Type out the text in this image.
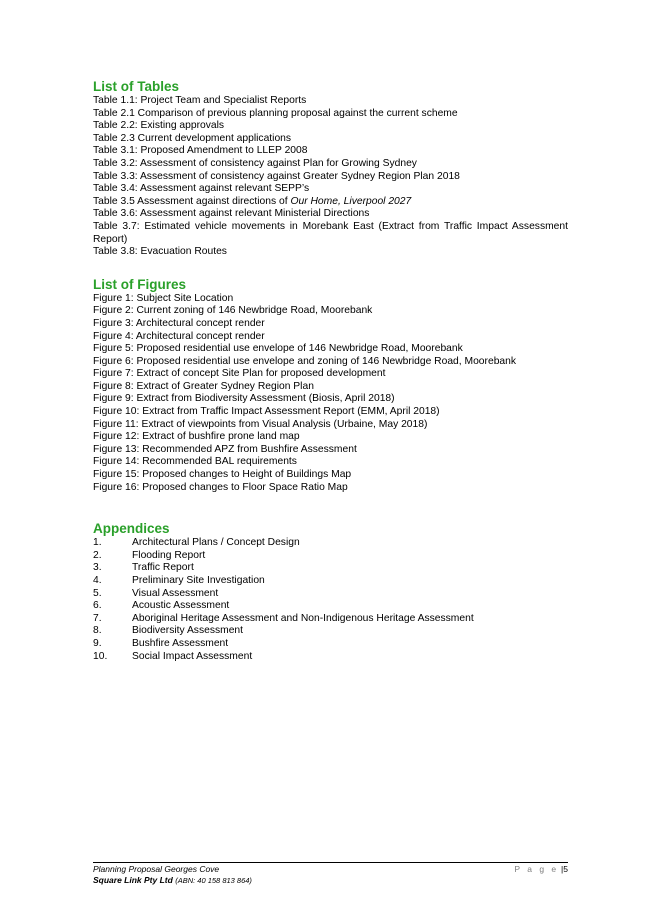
List of Tables
Table 1.1: Project Team and Specialist Reports
Table 2.1 Comparison of previous planning proposal against the current scheme
Table 2.2: Existing approvals
Table 2.3 Current development applications
Table 3.1: Proposed Amendment to LLEP 2008
Table 3.2: Assessment of consistency against Plan for Growing Sydney
Table 3.3: Assessment of consistency against Greater Sydney Region Plan 2018
Table 3.4: Assessment against relevant SEPP’s
Table 3.5 Assessment against directions of Our Home, Liverpool 2027
Table 3.6: Assessment against relevant Ministerial Directions
Table 3.7: Estimated vehicle movements in Morebank East (Extract from Traffic Impact Assessment Report)
Table 3.8: Evacuation Routes
List of Figures
Figure 1: Subject Site Location
Figure 2: Current zoning of 146 Newbridge Road, Moorebank
Figure 3: Architectural concept render
Figure 4: Architectural concept render
Figure 5: Proposed residential use envelope of 146 Newbridge Road, Moorebank
Figure 6: Proposed residential use envelope and zoning of 146 Newbridge Road, Moorebank
Figure 7: Extract of concept Site Plan for proposed development
Figure 8: Extract of Greater Sydney Region Plan
Figure 9: Extract from Biodiversity Assessment (Biosis, April 2018)
Figure 10: Extract from Traffic Impact Assessment Report (EMM, April 2018)
Figure 11: Extract of viewpoints from Visual Analysis (Urbaine, May 2018)
Figure 12: Extract of bushfire prone land map
Figure 13: Recommended APZ from Bushfire Assessment
Figure 14: Recommended BAL requirements
Figure 15: Proposed changes to Height of Buildings Map
Figure 16: Proposed changes to Floor Space Ratio Map
Appendices
1.	Architectural Plans / Concept Design
2.	Flooding Report
3.	Traffic Report
4.	Preliminary Site Investigation
5.	Visual Assessment
6.	Acoustic Assessment
7.	Aboriginal Heritage Assessment and Non-Indigenous Heritage Assessment
8.	Biodiversity Assessment
9.	Bushfire Assessment
10.	Social Impact Assessment
Planning Proposal Georges Cove	P a g e |5
Square Link Pty Ltd (ABN: 40 158 813 864)
